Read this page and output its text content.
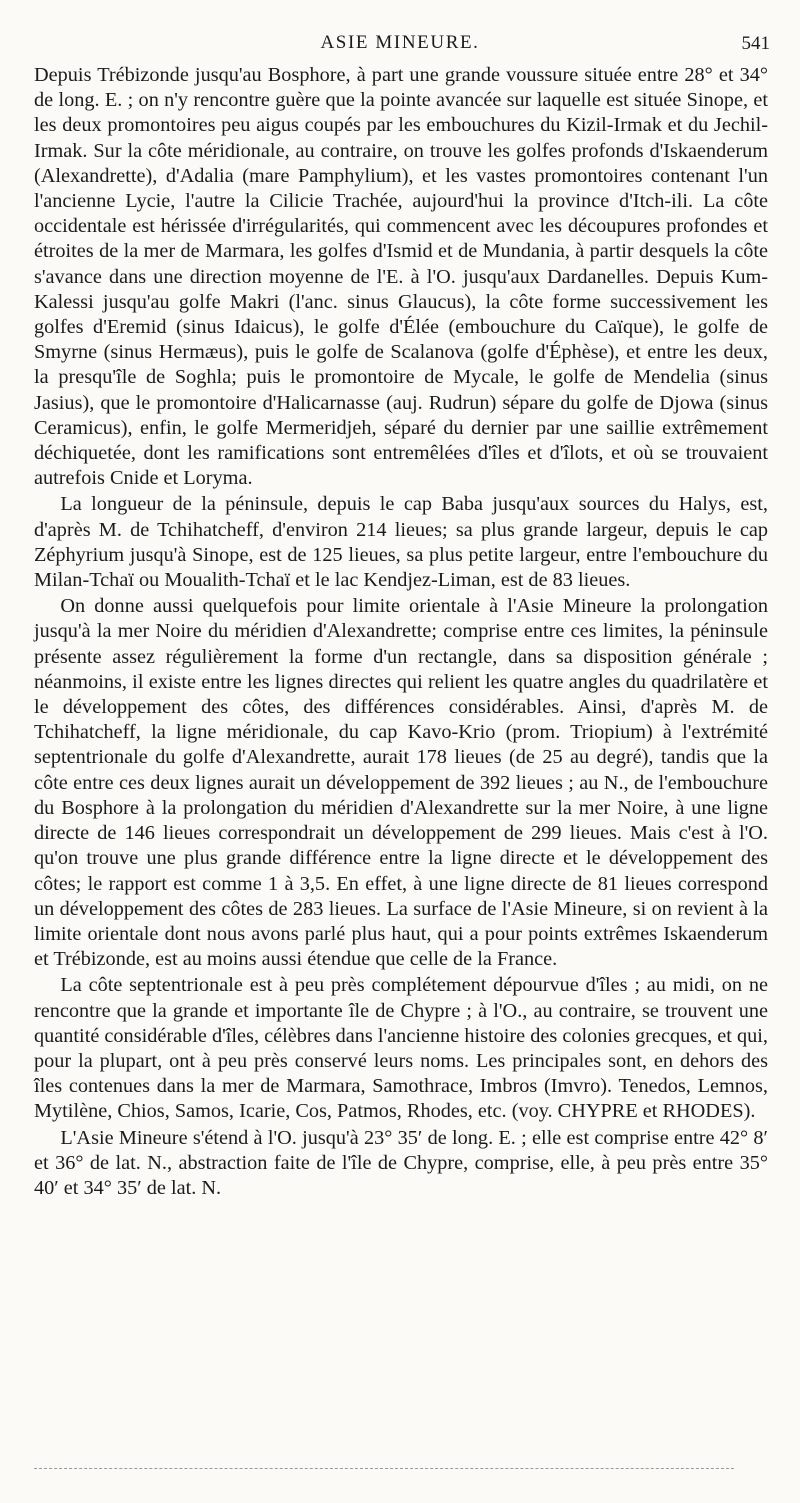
ASIE MINEURE.	541

Depuis Trébizonde jusqu'au Bosphore, à part une grande voussure située entre 28° et 34° de long. E. ; on n'y rencontre guère que la pointe avancée sur laquelle est située Sinope, et les deux promontoires peu aigus coupés par les embouchures du Kizil-Irmak et du Jechil-Irmak. Sur la côte méridionale, au contraire, on trouve les golfes profonds d'Iskaenderum (Alexandrette), d'Adalia (mare Pamphylium), et les vastes promontoires contenant l'un l'ancienne Lycie, l'autre la Cilicie Trachée, aujourd'hui la province d'Itch-ili. La côte occidentale est hérissée d'irrégularités, qui commencent avec les découpures profondes et étroites de la mer de Marmara, les golfes d'Ismid et de Mundania, à partir desquels la côte s'avance dans une direction moyenne de l'E. à l'O. jusqu'aux Dardanelles. Depuis Kum-Kalessi jusqu'au golfe Makri (l'anc. sinus Glaucus), la côte forme successivement les golfes d'Eremid (sinus Idaicus), le golfe d'Élée (embouchure du Caïque), le golfe de Smyrne (sinus Hermæus), puis le golfe de Scalanova (golfe d'Éphèse), et entre les deux, la presqu'île de Soghla; puis le promontoire de Mycale, le golfe de Mendelia (sinus Jasius), que le promontoire d'Halicarnasse (auj. Rudrun) sépare du golfe de Djowa (sinus Ceramicus), enfin, le golfe Mermeridjeh, séparé du dernier par une saillie extrêmement déchiquetée, dont les ramifications sont entremêlées d'îles et d'îlots, et où se trouvaient autrefois Cnide et Loryma.

La longueur de la péninsule, depuis le cap Baba jusqu'aux sources du Halys, est, d'après M. de Tchihatcheff, d'environ 214 lieues; sa plus grande largeur, depuis le cap Zéphyrium jusqu'à Sinope, est de 125 lieues, sa plus petite largeur, entre l'embouchure du Milan-Tchaï ou Moualith-Tchaï et le lac Kendjez-Liman, est de 83 lieues.

On donne aussi quelquefois pour limite orientale à l'Asie Mineure la prolongation jusqu'à la mer Noire du méridien d'Alexandrette; comprise entre ces limites, la péninsule présente assez régulièrement la forme d'un rectangle, dans sa disposition générale ; néanmoins, il existe entre les lignes directes qui relient les quatre angles du quadrilatère et le développement des côtes, des différences considérables. Ainsi, d'après M. de Tchihatcheff, la ligne méridionale, du cap Kavo-Krio (prom. Triopium) à l'extrémité septentrionale du golfe d'Alexandrette, aurait 178 lieues (de 25 au degré), tandis que la côte entre ces deux lignes aurait un développement de 392 lieues ; au N., de l'embouchure du Bosphore à la prolongation du méridien d'Alexandrette sur la mer Noire, à une ligne directe de 146 lieues correspondrait un développement de 299 lieues. Mais c'est à l'O. qu'on trouve une plus grande différence entre la ligne directe et le développement des côtes; le rapport est comme 1 à 3,5. En effet, à une ligne directe de 81 lieues correspond un développement des côtes de 283 lieues. La surface de l'Asie Mineure, si on revient à la limite orientale dont nous avons parlé plus haut, qui a pour points extrêmes Iskaenderum et Trébizonde, est au moins aussi étendue que celle de la France.

La côte septentrionale est à peu près complétement dépourvue d'îles ; au midi, on ne rencontre que la grande et importante île de Chypre ; à l'O., au contraire, se trouvent une quantité considérable d'îles, célèbres dans l'ancienne histoire des colonies grecques, et qui, pour la plupart, ont à peu près conservé leurs noms. Les principales sont, en dehors des îles contenues dans la mer de Marmara, Samothrace, Imbros (Imvro). Tenedos, Lemnos, Mytilène, Chios, Samos, Icarie, Cos, Patmos, Rhodes, etc. (voy. CHYPRE et RHODES).

L'Asie Mineure s'étend à l'O. jusqu'à 23° 35′ de long. E. ; elle est comprise entre 42° 8′ et 36° de lat. N., abstraction faite de l'île de Chypre, comprise, elle, à peu près entre 35° 40′ et 34° 35′ de lat. N.
